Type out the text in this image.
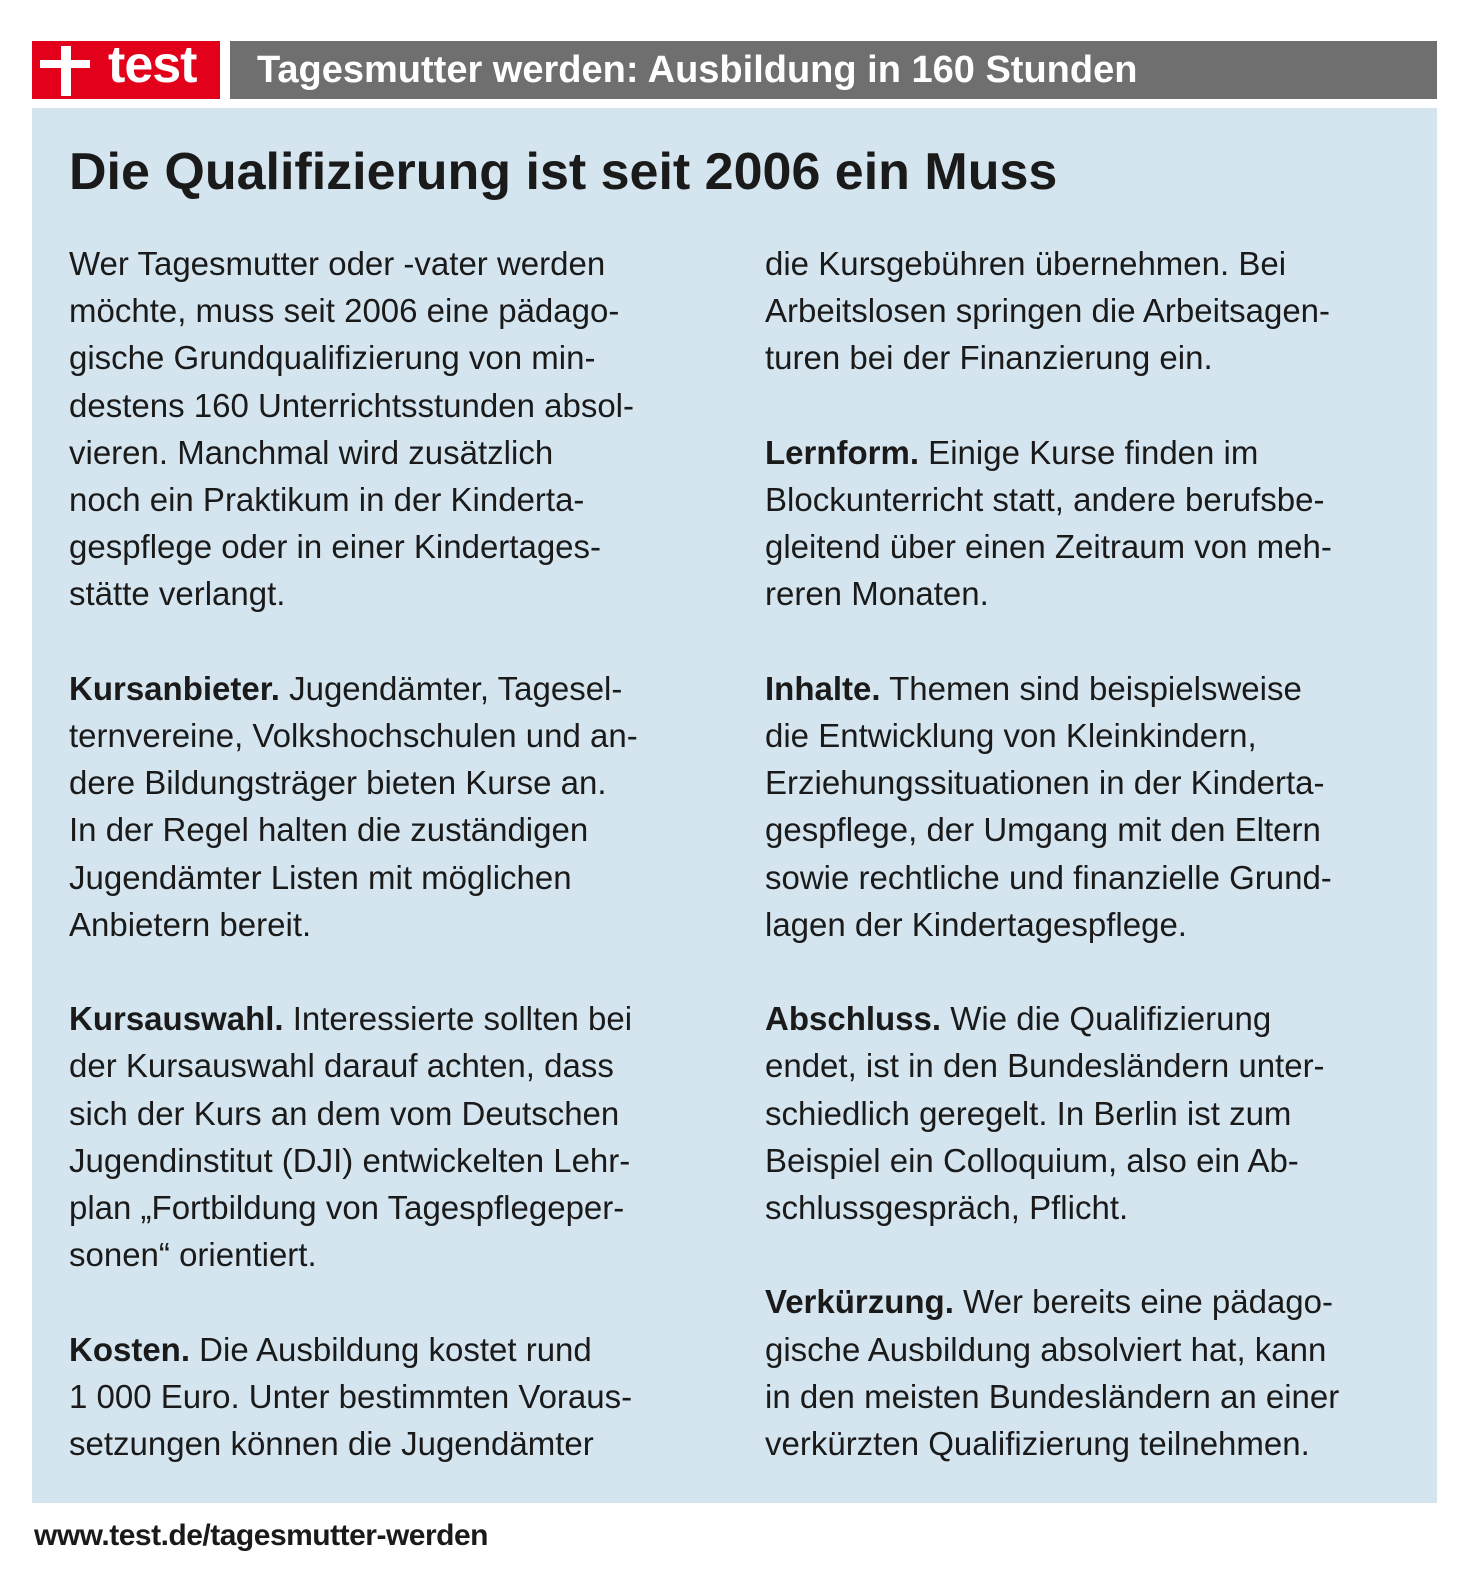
test Tagesmutter werden: Ausbildung in 160 Stunden
Die Qualifizierung ist seit 2006 ein Muss

Wer Tagesmutter oder -vater werden
möchte, muss seit 2006 eine pädago-
gische Grundqualifizierung von min-
destens 160 Unterrichtsstunden absol-
vieren. Manchmal wird zusätzlich
noch ein Praktikum in der Kinderta-
gespflege oder in einer Kindertages-
stätte verlangt.

Kursanbieter. Jugendämter, Tagesel-
ternvereine, Volkshochschulen und an-
dere Bildungsträger bieten Kurse an.
In der Regel halten die zuständigen
Jugendämter Listen mit möglichen
Anbietern bereit.

Kursauswahl. Interessierte sollten bei
der Kursauswahl darauf achten, dass
sich der Kurs an dem vom Deutschen
Jugendinstitut (DJI) entwickelten Lehr-
plan „Fortbildung von Tagespflegeper-
sonen“ orientiert.

Kosten. Die Ausbildung kostet rund
1 000 Euro. Unter bestimmten Voraus-
setzungen können die Jugendämter

die Kursgebühren übernehmen. Bei
Arbeitslosen springen die Arbeitsagen-
turen bei der Finanzierung ein.

Lernform. Einige Kurse finden im
Blockunterricht statt, andere berufsbe-
gleitend über einen Zeitraum von meh-
reren Monaten.

Inhalte. Themen sind beispielsweise
die Entwicklung von Kleinkindern,
Erziehungssituationen in der Kinderta-
gespflege, der Umgang mit den Eltern
sowie rechtliche und finanzielle Grund-
lagen der Kindertagespflege.

Abschluss. Wie die Qualifizierung
endet, ist in den Bundesländern unter-
schiedlich geregelt. In Berlin ist zum
Beispiel ein Colloquium, also ein Ab-
schlussgespräch, Pflicht.

Verkürzung. Wer bereits eine pädago-
gische Ausbildung absolviert hat, kann
in den meisten Bundesländern an einer
verkürzten Qualifizierung teilnehmen.

www.test.de/tagesmutter-werden
